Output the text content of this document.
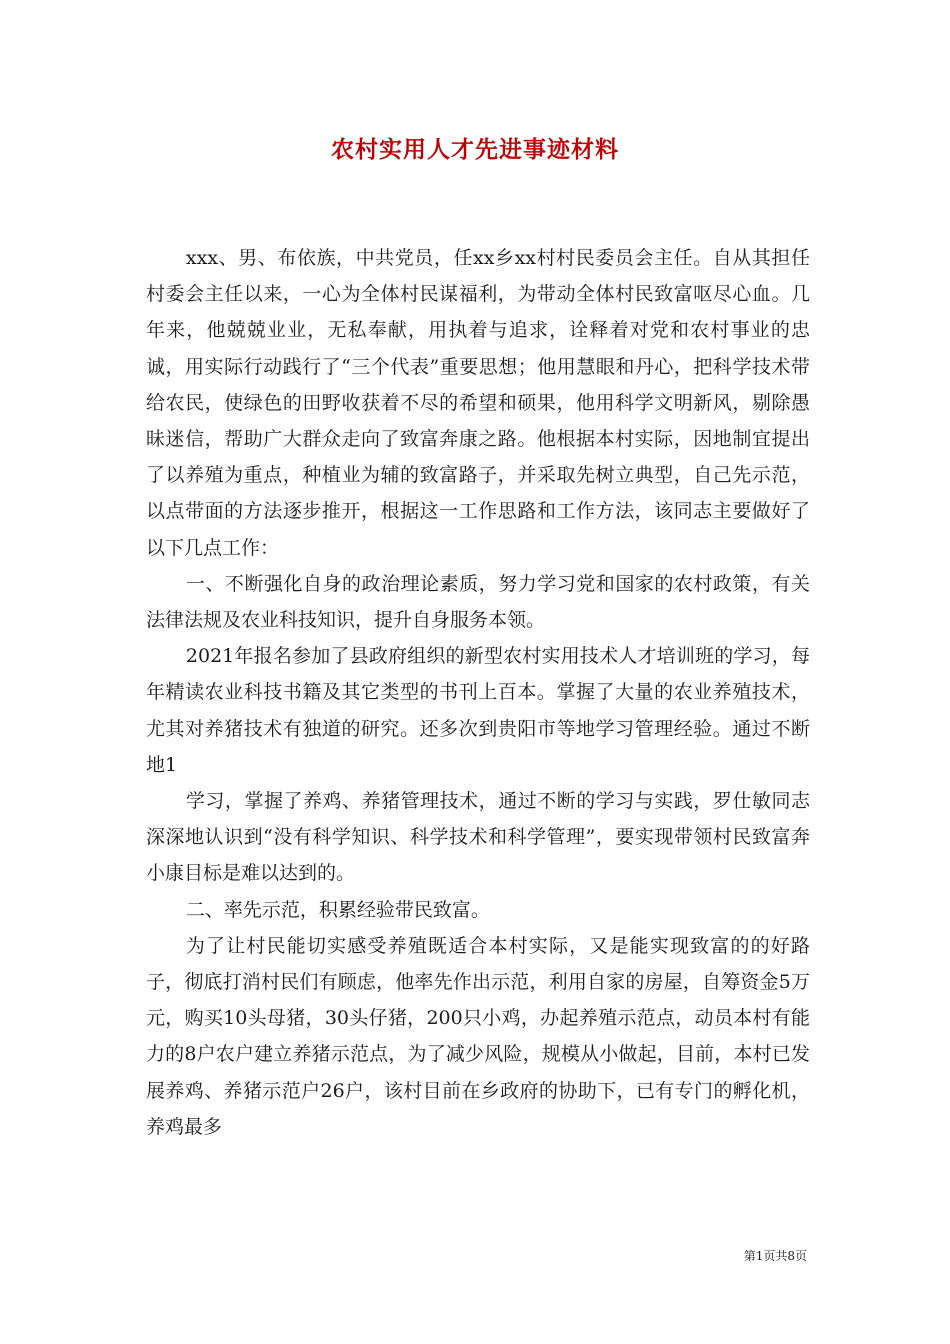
农村实用人才先进事迹材料

xxx、男、布依族，中共党员，任xx乡xx村村民委员会主任。自从其担任村委会主任以来，一心为全体村民谋福利，为带动全体村民致富呕尽心血。几年来，他兢兢业业，无私奉献，用执着与追求，诠释着对党和农村事业的忠诚，用实际行动践行了“三个代表”重要思想；他用慧眼和丹心，把科学技术带给农民，使绿色的田野收获着不尽的希望和硕果，他用科学文明新风，剔除愚昧迷信，帮助广大群众走向了致富奔康之路。他根据本村实际，因地制宜提出了以养殖为重点，种植业为辅的致富路子，并采取先树立典型，自己先示范，以点带面的方法逐步推开，根据这一工作思路和工作方法，该同志主要做好了以下几点工作：

一、不断强化自身的政治理论素质，努力学习党和国家的农村政策，有关法律法规及农业科技知识，提升自身服务本领。

2021年报名参加了县政府组织的新型农村实用技术人才培训班的学习，每年精读农业科技书籍及其它类型的书刊上百本。掌握了大量的农业养殖技术，尤其对养猪技术有独道的研究。还多次到贵阳市等地学习管理经验。通过不断地1

学习，掌握了养鸡、养猪管理技术，通过不断的学习与实践，罗仕敏同志深深地认识到“没有科学知识、科学技术和科学管理”，要实现带领村民致富奔小康目标是难以达到的。

二、率先示范，积累经验带民致富。

为了让村民能切实感受养殖既适合本村实际，又是能实现致富的的好路子，彻底打消村民们有顾虑，他率先作出示范，利用自家的房屋，自筹资金5万元，购买10头母猪，30头仔猪，200只小鸡，办起养殖示范点，动员本村有能力的8户农户建立养猪示范点，为了减少风险，规模从小做起，目前，本村已发展养鸡、养猪示范户26户，该村目前在乡政府的协助下，已有专门的孵化机，养鸡最多

第1页共8页
